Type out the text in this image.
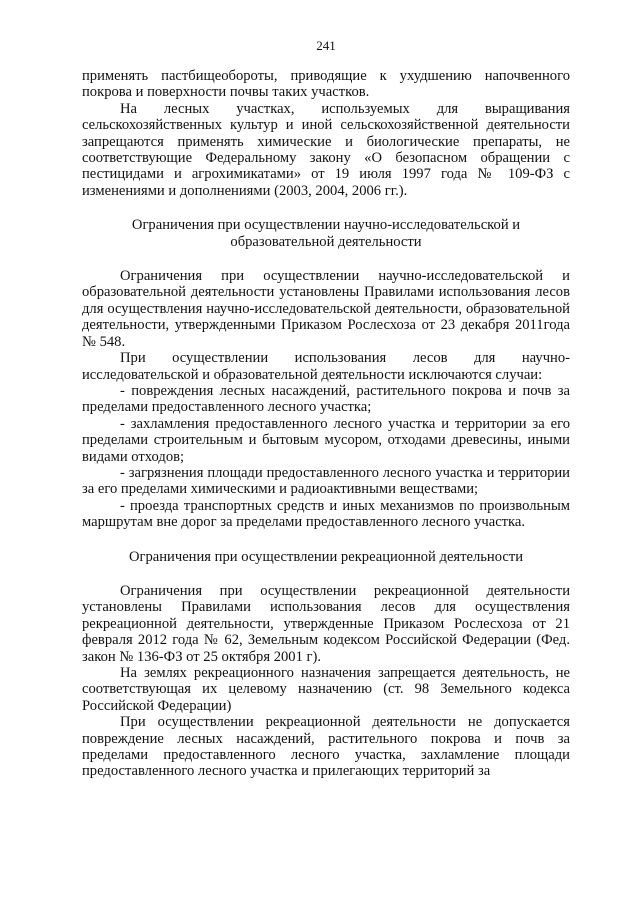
241

применять пастбищеобороты, приводящие к ухудшению напочвенного покрова и поверхности почвы таких участков.

На лесных участках, используемых для выращивания сельскохозяйственных культур и иной сельскохозяйственной деятельности запрещаются применять химические и биологические препараты, не соответствующие Федеральному закону «О безопасном обращении с пестицидами и агрохимикатами» от 19 июля 1997 года № 109-ФЗ с изменениями и дополнениями (2003, 2004, 2006 гг.).

Ограничения при осуществлении научно-исследовательской и образовательной деятельности

Ограничения при осуществлении научно-исследовательской и образовательной деятельности установлены Правилами использования лесов для осуществления научно-исследовательской деятельности, образовательной деятельности, утвержденными Приказом Рослесхоза от 23 декабря 2011года № 548.

При осуществлении использования лесов для научно-исследовательской и образовательной деятельности исключаются случаи:

- повреждения лесных насаждений, растительного покрова и почв за пределами предоставленного лесного участка;

- захламления предоставленного лесного участка и территории за его пределами строительным и бытовым мусором, отходами древесины, иными видами отходов;

- загрязнения площади предоставленного лесного участка и территории за его пределами химическими и радиоактивными веществами;

- проезда транспортных средств и иных механизмов по произвольным маршрутам вне дорог за пределами предоставленного лесного участка.

Ограничения при осуществлении рекреационной деятельности

Ограничения при осуществлении рекреационной деятельности установлены Правилами использования лесов для осуществления рекреационной деятельности, утвержденные Приказом Рослесхоза от 21 февраля 2012 года № 62, Земельным кодексом Российской Федерации (Фед. закон № 136-ФЗ от 25 октября 2001 г).

На землях рекреационного назначения запрещается деятельность, не соответствующая их целевому назначению (ст. 98 Земельного кодекса Российской Федерации)

При осуществлении рекреационной деятельности не допускается повреждение лесных насаждений, растительного покрова и почв за пределами предоставленного лесного участка, захламление площади предоставленного лесного участка и прилегающих территорий за
